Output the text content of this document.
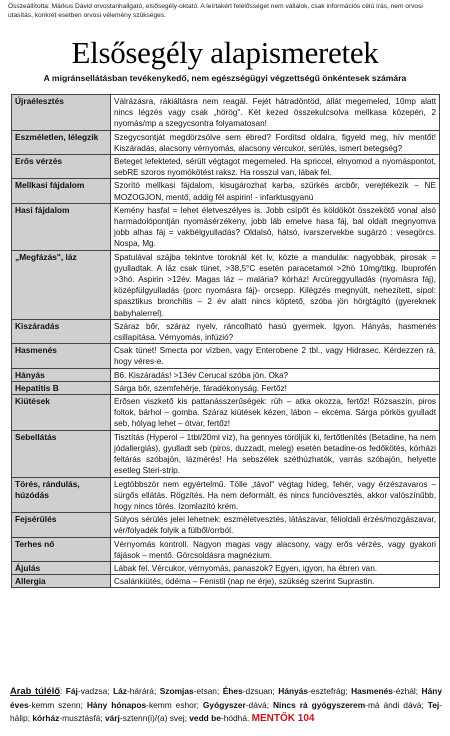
Összeállította: Márkus Dávid orvostanhallgató, elsősegély-oktató. A leírtakért felelősséget nem vállalok, csak információs célú írás, nem orvosi utasítás, konkrét esetben orvosi vélemény szükséges.
Elsősegély alapismeretek
A migránsellátásban tevékenykedő, nem egészségügyi végzettségű önkéntesek számára
Újraélesztés	Válrázásra, rákiáltásra nem reagál. Fejét hátradöntöd, állát megemeled, 10mp alatt nincs légzés vagy csak „hörög". Két kezed összekulcsolva mellkasa közepén, 2 nyomás/mp a szegycsontra folyamatosan!
Eszméletlen, lélegzik	Szegycsontját megdörzsölve sem ébred? Fordítsd oldalra, figyeld meg, hív mentőt! Kiszáradás, alacsony vérnyomás, alacsony vércukor, sérülés, ismert betegség?
Erős vérzés	Beteget lefekteted, sérült végtagot megemeled. Ha spriccel, elnyomod a nyomáspontot, sebRE szoros nyomókötést raksz. Ha rosszul van, lábak fel.
Mellkasi fájdalom	Szorító mellkasi fájdalom, kisugározhat karba, szürkés arcbőr, verejtékezik – NE MOZOGJON, mentő, addig fél aspirin! - infarktusgyanú
Hasi fájdalom	Kemény hasfal = lehet életveszélyes is. Jobb csípőt és köldököt összekötő vonal alsó harmadolópontján nyomásérzékeny, jobb láb emelve hasa fáj, bal oldalt megnyomva jobb alhas fáj = vakbélgyulladás? Oldalsó, hátsó, ivarszervekbe sugárzó : vesegörcs. Nospa, Mg.
„Megfázás", láz	Spatulával szájba tekintve toroknál két lv, közte a manduláк: nagyobbak, pirosak = gyulladtak. A láz csak tünet, >38,5°C esetén paracetamol >2hó 10mg/ttkg. Ibuprofén >3hó. Aspirin >12év. Magas láz – malária? kórház! Arcüreggyulladás (nyomásra fáj), középfülgyulladás (porc nyomásra fáj)- orcsepp. Kilégzés megnyúlt, nehezített, sípol: spasztikus bronchitis – 2 év alatt nincs köptető, szóba jön hörgtágító (gyereknek babyhalerrel).
Kiszáradás	Száraz bőr, száraz nyelv, ráncolható hasú gyermek. Igyon. Hányás, hasmenés csillapítása. Vérnyomás, infúzió?
Hasmenés	Csak tünet! Smecta por vízben, vagy Enterobene 2 tbl., vagy Hidrasec. Kérdezzen rá, hogy véres-e.
Hányás	B6. Kiszáradás! >13év Cerucal szóba jön. Oka?
Hepatitis B	Sárga bőr, szemfehérje, fáradékonyság. Fertőz!
Kiütések	Erősen viszkető kis pattanásszerűségek: rüh – atka okozza, fertőz! Rózsaszín, piros foltok, bárhol – gomba. Száraz kiütések kézen, lábon – ekcéma. Sárga pörkös gyulladt seb, hólyag lehet – ótvar, fertőz!
Sebellátás	Tisztítás (Hyperol – 1tbl/20ml víz), ha gennyes töröljük ki, fertőtlenítés (Betadine, ha nem jódallergiás), gyulladt seb (piros, duzzadt, meleg) esetén betadine-os fedőkötés, kórházi feltárás szóbajön, lázmérés! Ha sebszélek széthúzhatók, varrás szóbajön, helyette esetleg Steri-strip.
Törés, rándulás, húzódás	Legtöbbször nem egyértelmű. Tölle „távol" végtag hideg, fehér, vagy érzészavaros – sürgős ellátás. Rögzítés. Ha nem deformált, és nincs funcióvesztés, akkor valószínűbb, hogy nincs törés. Izomlazító krém.
Fejsérülés	Súlyos sérülés jelei lehetnek: eszméletvesztés, látászavar, félioldali érzés/mozgászavar, vér/folyadék folyik a fülből/orrból.
Terhes nő	Vérnyomás kontroll. Nagyon magas vagy alacsony, vagy erős vérzés, vagy gyakori fájások – mentő. Görcsoldásra magnézium.
Ájulás	Lábak fel. Vércukor, vérnyomás, panaszok? Egyen, igyon, ha ébren van.
Allergia	Csalánkiütés, ödéma – Fenistil (nap ne érje), szükség szerint Suprastin.
Arab túlélő: Fáj-vadzsa; Láz-hárárá; Szomjas-etsan; Éhes-dzsuan; Hányás-esztefrág; Hasmenés-ézhál; Hány éves-kemm szenn; Hány hónapos-kemm eshor; Gyógyszer-dává; Nincs rá gyógyszerem-má ándi dává; Tej-hálip; kórház-musztásfá; várj-sztenn(i)/(a) svej; vedd be-hódhá. MENTŐK 104
